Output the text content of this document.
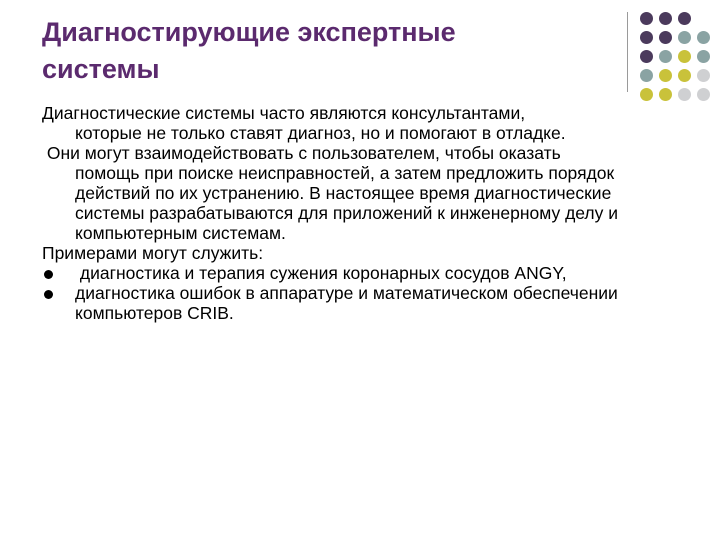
Диагностирующие экспертные
системы
Диагностические системы часто являются консультантами,
которые не только ставят диагноз, но и помогают в отладке.
Они могут взаимодействовать с пользователем, чтобы оказать
помощь при поиске неисправностей, а затем предложить порядок действий по их устранению. В настоящее время диагностические системы разрабатываются для приложений к инженерному делу и компьютерным системам.
Примерами могут служить:
диагностика и терапия сужения коронарных сосудов ANGY,
диагностика ошибок в аппаратуре и математическом обеспечении компьютеров CRIB.
